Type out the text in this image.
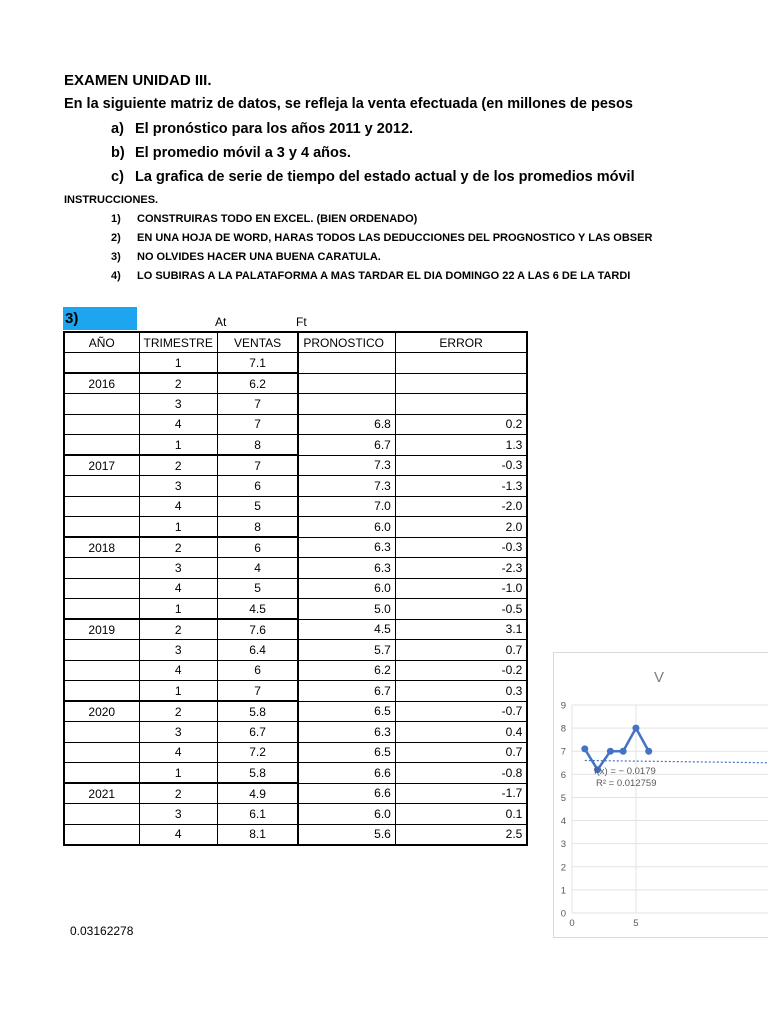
EXAMEN UNIDAD III.
En la siguiente matriz de datos, se refleja la venta efectuada (en millones de pesos
a) El pronóstico para los años 2011 y 2012.
b) El promedio móvil a 3 y 4 años.
c) La grafica de serie de tiempo del estado actual y de los promedios móvil
INSTRUCCIONES.
1) CONSTRUIRAS TODO EN EXCEL. (BIEN ORDENADO)
2) EN UNA HOJA DE WORD, HARAS TODOS LAS DEDUCCIONES DEL PROGNOSTICO Y LAS OBSER
3) NO OLVIDES HACER UNA BUENA CARATULA.
4) LO SUBIRAS A LA PALATAFORMA A MAS TARDAR EL DIA DOMINGO 22 A LAS 6 DE LA TARDI
3)	At	Ft
AÑO	TRIMESTRE	VENTAS	PRONOSTICO	ERROR
	1	7.1		
2016	2	6.2		
	3	7		
	4	7	6.8	0.2
	1	8	6.7	1.3
2017	2	7	7.3	-0.3
	3	6	7.3	-1.3
	4	5	7.0	-2.0
	1	8	6.0	2.0
2018	2	6	6.3	-0.3
	3	4	6.3	-2.3
	4	5	6.0	-1.0
	1	4.5	5.0	-0.5
2019	2	7.6	4.5	3.1
	3	6.4	5.7	0.7
	4	6	6.2	-0.2
	1	7	6.7	0.3
2020	2	5.8	6.5	-0.7
	3	6.7	6.3	0.4
	4	7.2	6.5	0.7
	1	5.8	6.6	-0.8
2021	2	4.9	6.6	-1.7
	3	6.1	6.0	0.1
	4	8.1	5.6	2.5
V
0
1
2
3
4
5
6
7
8
9
0	5
f(x) = − 0.0179
R² = 0.012759
0.03162278
